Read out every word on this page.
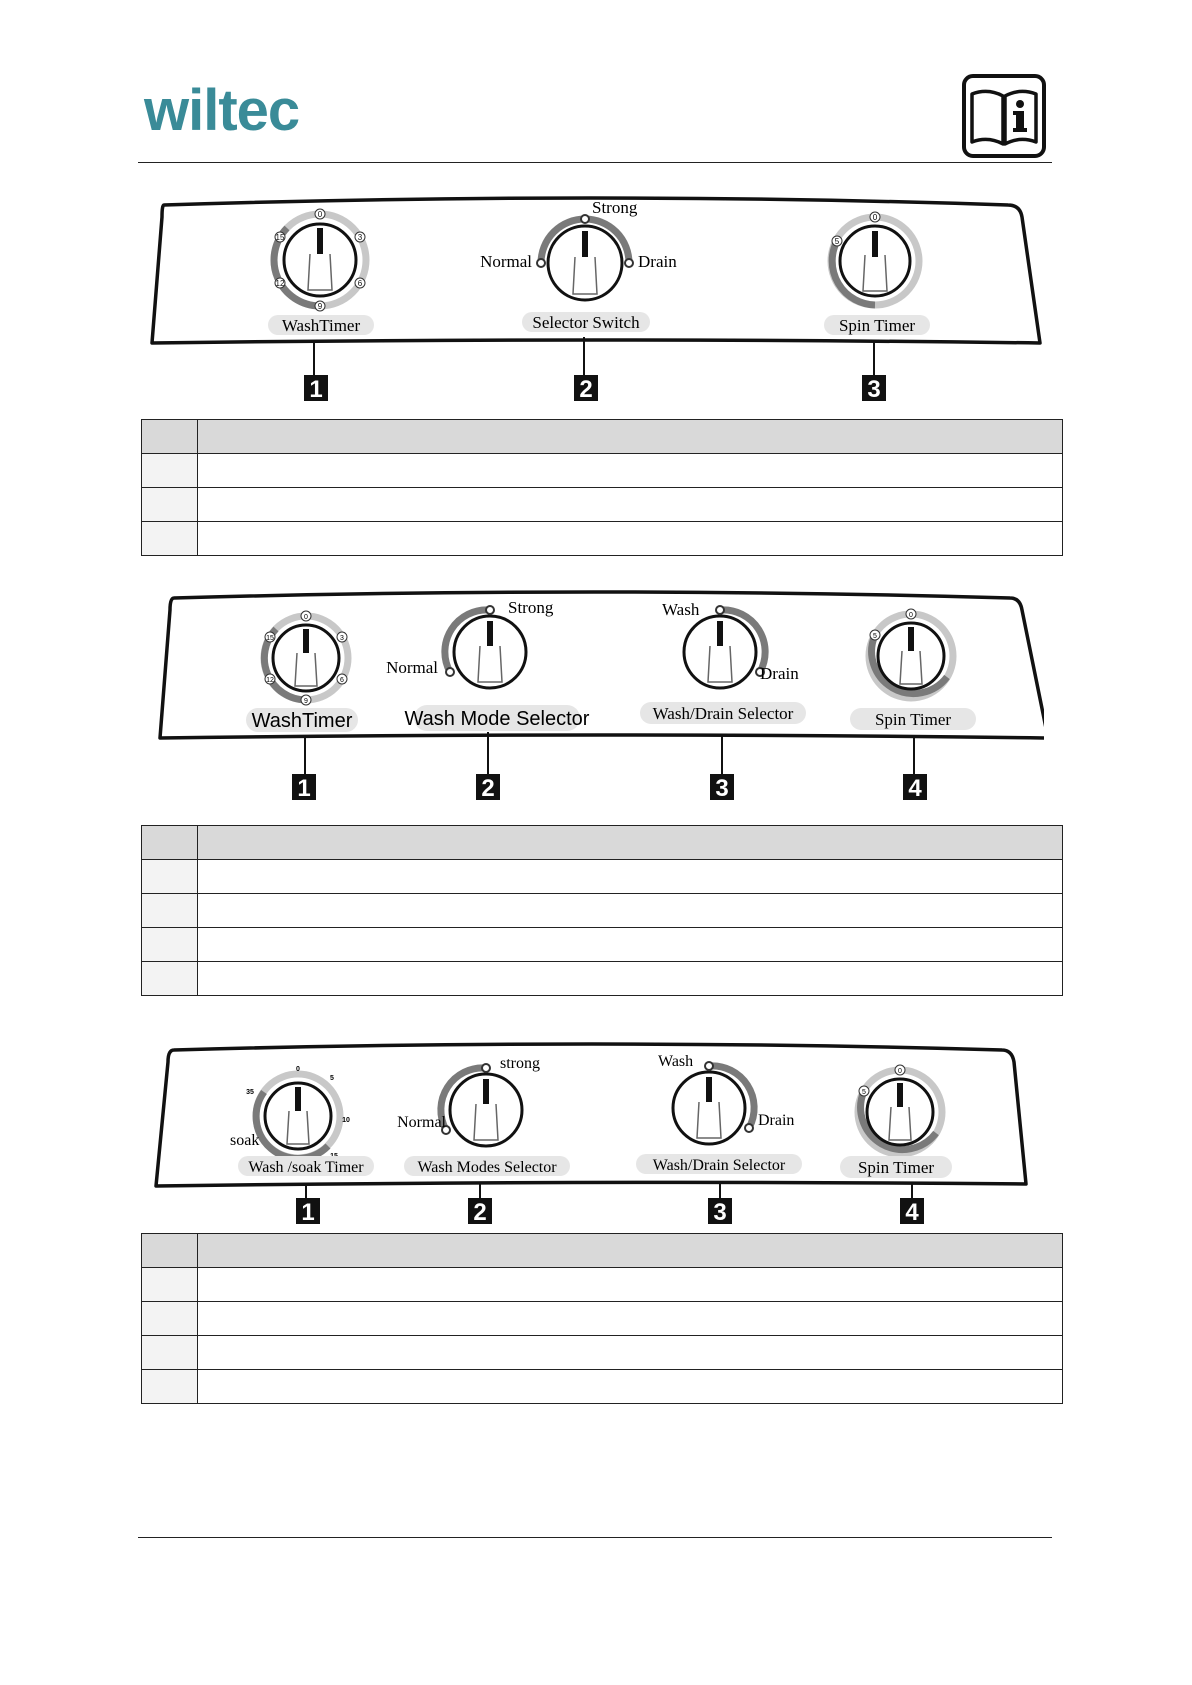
wiltec
0
3
6
9
12
15
WashTimer
Normal
Strong
Drain
Selector Switch
0
5
Spin Timer
1	2	3

0
3
6
9
12
15
WashTimer
Normal
Strong
Wash Mode Selector
Wash
Drain
Wash/Drain Selector
0
5
Spin Timer
1	2	3	4

0
5
10
35
soak
Wash /soak Timer
Normal
strong
Wash Modes Selector
Wash
Drain
Wash/Drain Selector
0
5
Spin Timer
1	2	3	4
